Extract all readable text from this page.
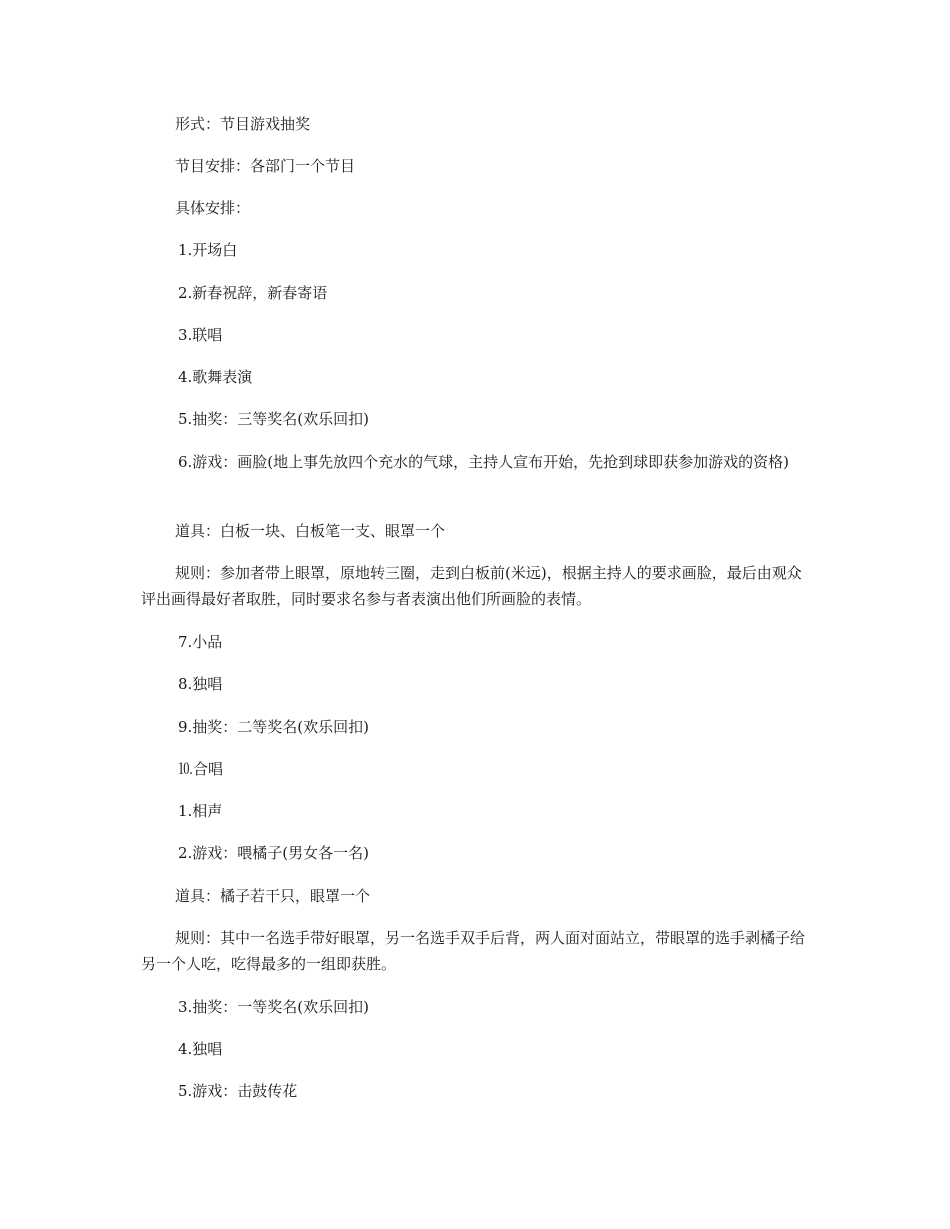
形式：节目游戏抽奖

节目安排：各部门一个节目

具体安排：

1.开场白

2.新春祝辞，新春寄语

3.联唱

4.歌舞表演

5.抽奖：三等奖名(欢乐回扣)

6.游戏：画脸(地上事先放四个充水的气球，主持人宣布开始，先抢到球即获参加游戏的资格)

道具：白板一块、白板笔一支、眼罩一个

规则：参加者带上眼罩，原地转三圈，走到白板前(米远)，根据主持人的要求画脸，最后由观众评出画得最好者取胜，同时要求名参与者表演出他们所画脸的表情。

7.小品

8.独唱

9.抽奖：二等奖名(欢乐回扣)

⒑合唱

1.相声

2.游戏：喂橘子(男女各一名)

道具：橘子若干只，眼罩一个

规则：其中一名选手带好眼罩，另一名选手双手后背，两人面对面站立，带眼罩的选手剥橘子给另一个人吃，吃得最多的一组即获胜。

3.抽奖：一等奖名(欢乐回扣)

4.独唱

5.游戏：击鼓传花
